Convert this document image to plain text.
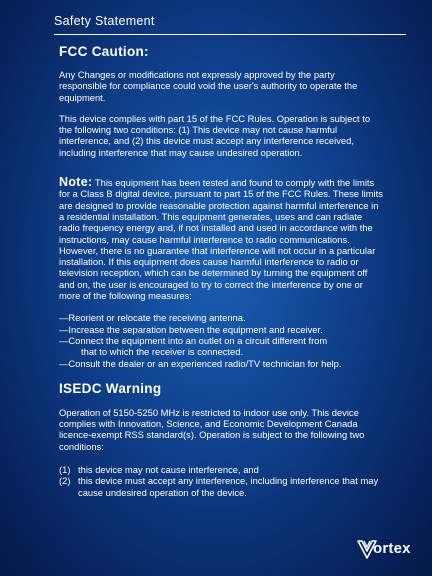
Safety Statement
FCC Caution:

Any Changes or modifications not expressly approved by the party responsible for compliance could void the user's authority to operate the equipment.

This device complies with part 15 of the FCC Rules. Operation is subject to the following two conditions: (1) This device may not cause harmful interference, and (2) this device must accept any interference received, including interference that may cause undesired operation.

Note: This equipment has been tested and found to comply with the limits for a Class B digital device, pursuant to part 15 of the FCC Rules. These limits are designed to provide reasonable protection against harmful interference in a residential installation. This equipment generates, uses and can radiate radio frequency energy and, if not installed and used in accordance with the instructions, may cause harmful interference to radio communications. However, there is no guarantee that interference will not occur in a particular installation. If this equipment does cause harmful interference to radio or television reception, which can be determined by turning the equipment off and on, the user is encouraged to try to correct the interference by one or more of the following measures:

—Reorient or relocate the receiving antenna.
—Increase the separation between the equipment and receiver.
—Connect the equipment into an outlet on a circuit different from
that to which the receiver is connected.
—Consult the dealer or an experienced radio/TV technician for help.
ISEDC Warning

Operation of 5150-5250 MHz is restricted to indoor use only. This device complies with Innovation, Science, and Economic Development Canada licence-exempt RSS standard(s). Operation is subject to the following two conditions:

(1) this device may not cause interference, and
(2) this device must accept any interference, including interference that may cause undesired operation of the device.
ortex
